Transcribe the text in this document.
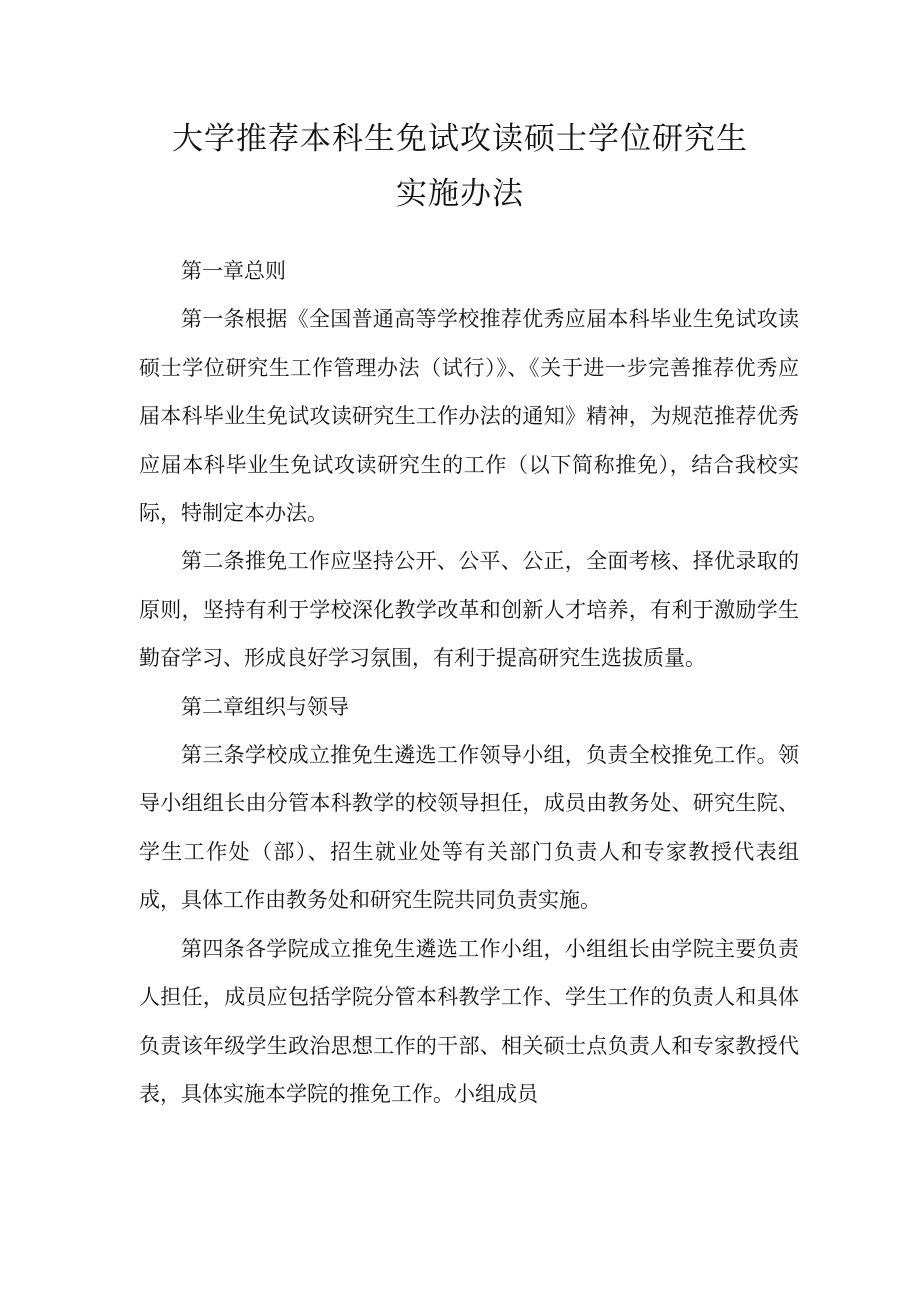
大学推荐本科生免试攻读硕士学位研究生
实施办法

第一章总则

第一条根据《全国普通高等学校推荐优秀应届本科毕业生免试攻读硕士学位研究生工作管理办法（试行）》、《关于进一步完善推荐优秀应届本科毕业生免试攻读研究生工作办法的通知》精神，为规范推荐优秀应届本科毕业生免试攻读研究生的工作（以下简称推免），结合我校实际，特制定本办法。

第二条推免工作应坚持公开、公平、公正，全面考核、择优录取的原则，坚持有利于学校深化教学改革和创新人才培养，有利于激励学生勤奋学习、形成良好学习氛围，有利于提高研究生选拔质量。

第二章组织与领导

第三条学校成立推免生遴选工作领导小组，负责全校推免工作。领导小组组长由分管本科教学的校领导担任，成员由教务处、研究生院、学生工作处（部）、招生就业处等有关部门负责人和专家教授代表组成，具体工作由教务处和研究生院共同负责实施。

第四条各学院成立推免生遴选工作小组，小组组长由学院主要负责人担任，成员应包括学院分管本科教学工作、学生工作的负责人和具体负责该年级学生政治思想工作的干部、相关硕士点负责人和专家教授代表，具体实施本学院的推免工作。小组成员
